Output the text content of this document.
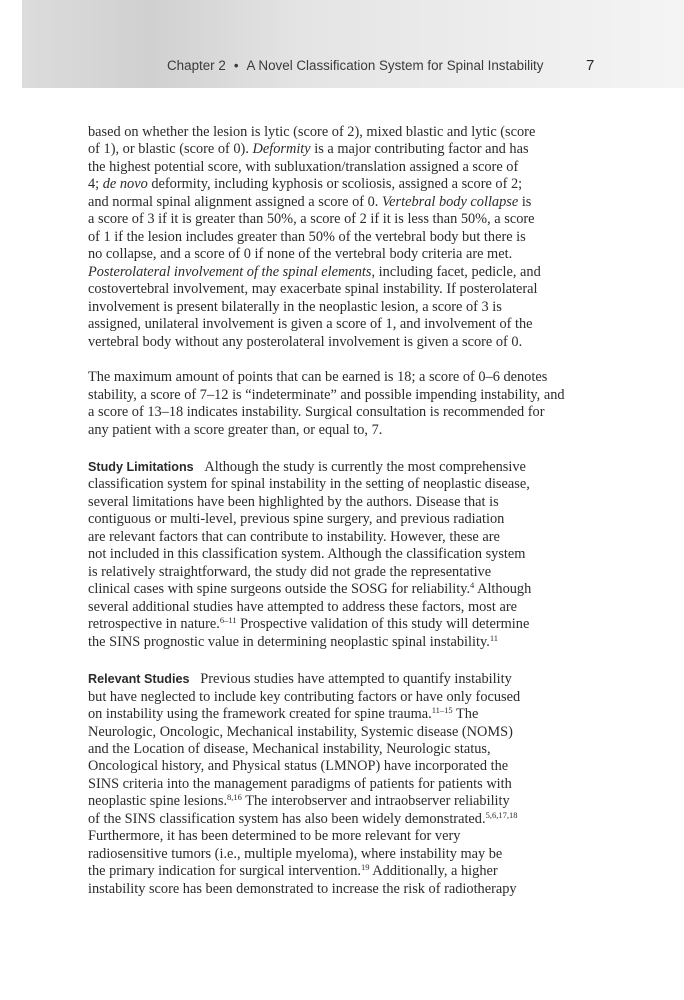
Chapter 2 • A Novel Classification System for Spinal Instability	7
based on whether the lesion is lytic (score of 2), mixed blastic and lytic (score
of 1), or blastic (score of 0). Deformity is a major contributing factor and has
the highest potential score, with subluxation/translation assigned a score of
4; de novo deformity, including kyphosis or scoliosis, assigned a score of 2;
and normal spinal alignment assigned a score of 0. Vertebral body collapse is
a score of 3 if it is greater than 50%, a score of 2 if it is less than 50%, a score
of 1 if the lesion includes greater than 50% of the vertebral body but there is
no collapse, and a score of 0 if none of the vertebral body criteria are met.
Posterolateral involvement of the spinal elements, including facet, pedicle, and
costovertebral involvement, may exacerbate spinal instability. If posterolateral
involvement is present bilaterally in the neoplastic lesion, a score of 3 is
assigned, unilateral involvement is given a score of 1, and involvement of the
vertebral body without any posterolateral involvement is given a score of 0.
The maximum amount of points that can be earned is 18; a score of 0–6 denotes
stability, a score of 7–12 is “indeterminate” and possible impending instability, and
a score of 13–18 indicates instability. Surgical consultation is recommended for
any patient with a score greater than, or equal to, 7.
Study Limitations Although the study is currently the most comprehensive
classification system for spinal instability in the setting of neoplastic disease,
several limitations have been highlighted by the authors. Disease that is
contiguous or multi-level, previous spine surgery, and previous radiation
are relevant factors that can contribute to instability. However, these are
not included in this classification system. Although the classification system
is relatively straightforward, the study did not grade the representative
clinical cases with spine surgeons outside the SOSG for reliability.$^4$ Although
several additional studies have attempted to address these factors, most are
retrospective in nature.$^{6-11}$ Prospective validation of this study will determine
the SINS prognostic value in determining neoplastic spinal instability.$^{11}$
Relevant Studies Previous studies have attempted to quantify instability
but have neglected to include key contributing factors or have only focused
on instability using the framework created for spine trauma.$^{11-15}$ The
Neurologic, Oncologic, Mechanical instability, Systemic disease (NOMS)
and the Location of disease, Mechanical instability, Neurologic status,
Oncological history, and Physical status (LMNOP) have incorporated the
SINS criteria into the management paradigms of patients for patients with
neoplastic spine lesions.$^{8,16}$ The interobserver and intraobserver reliability
of the SINS classification system has also been widely demonstrated.$^{5,6,17,18}$
Furthermore, it has been determined to be more relevant for very
radiosensitive tumors (i.e., multiple myeloma), where instability may be
the primary indication for surgical intervention.$^{19}$ Additionally, a higher
instability score has been demonstrated to increase the risk of radiotherapy
